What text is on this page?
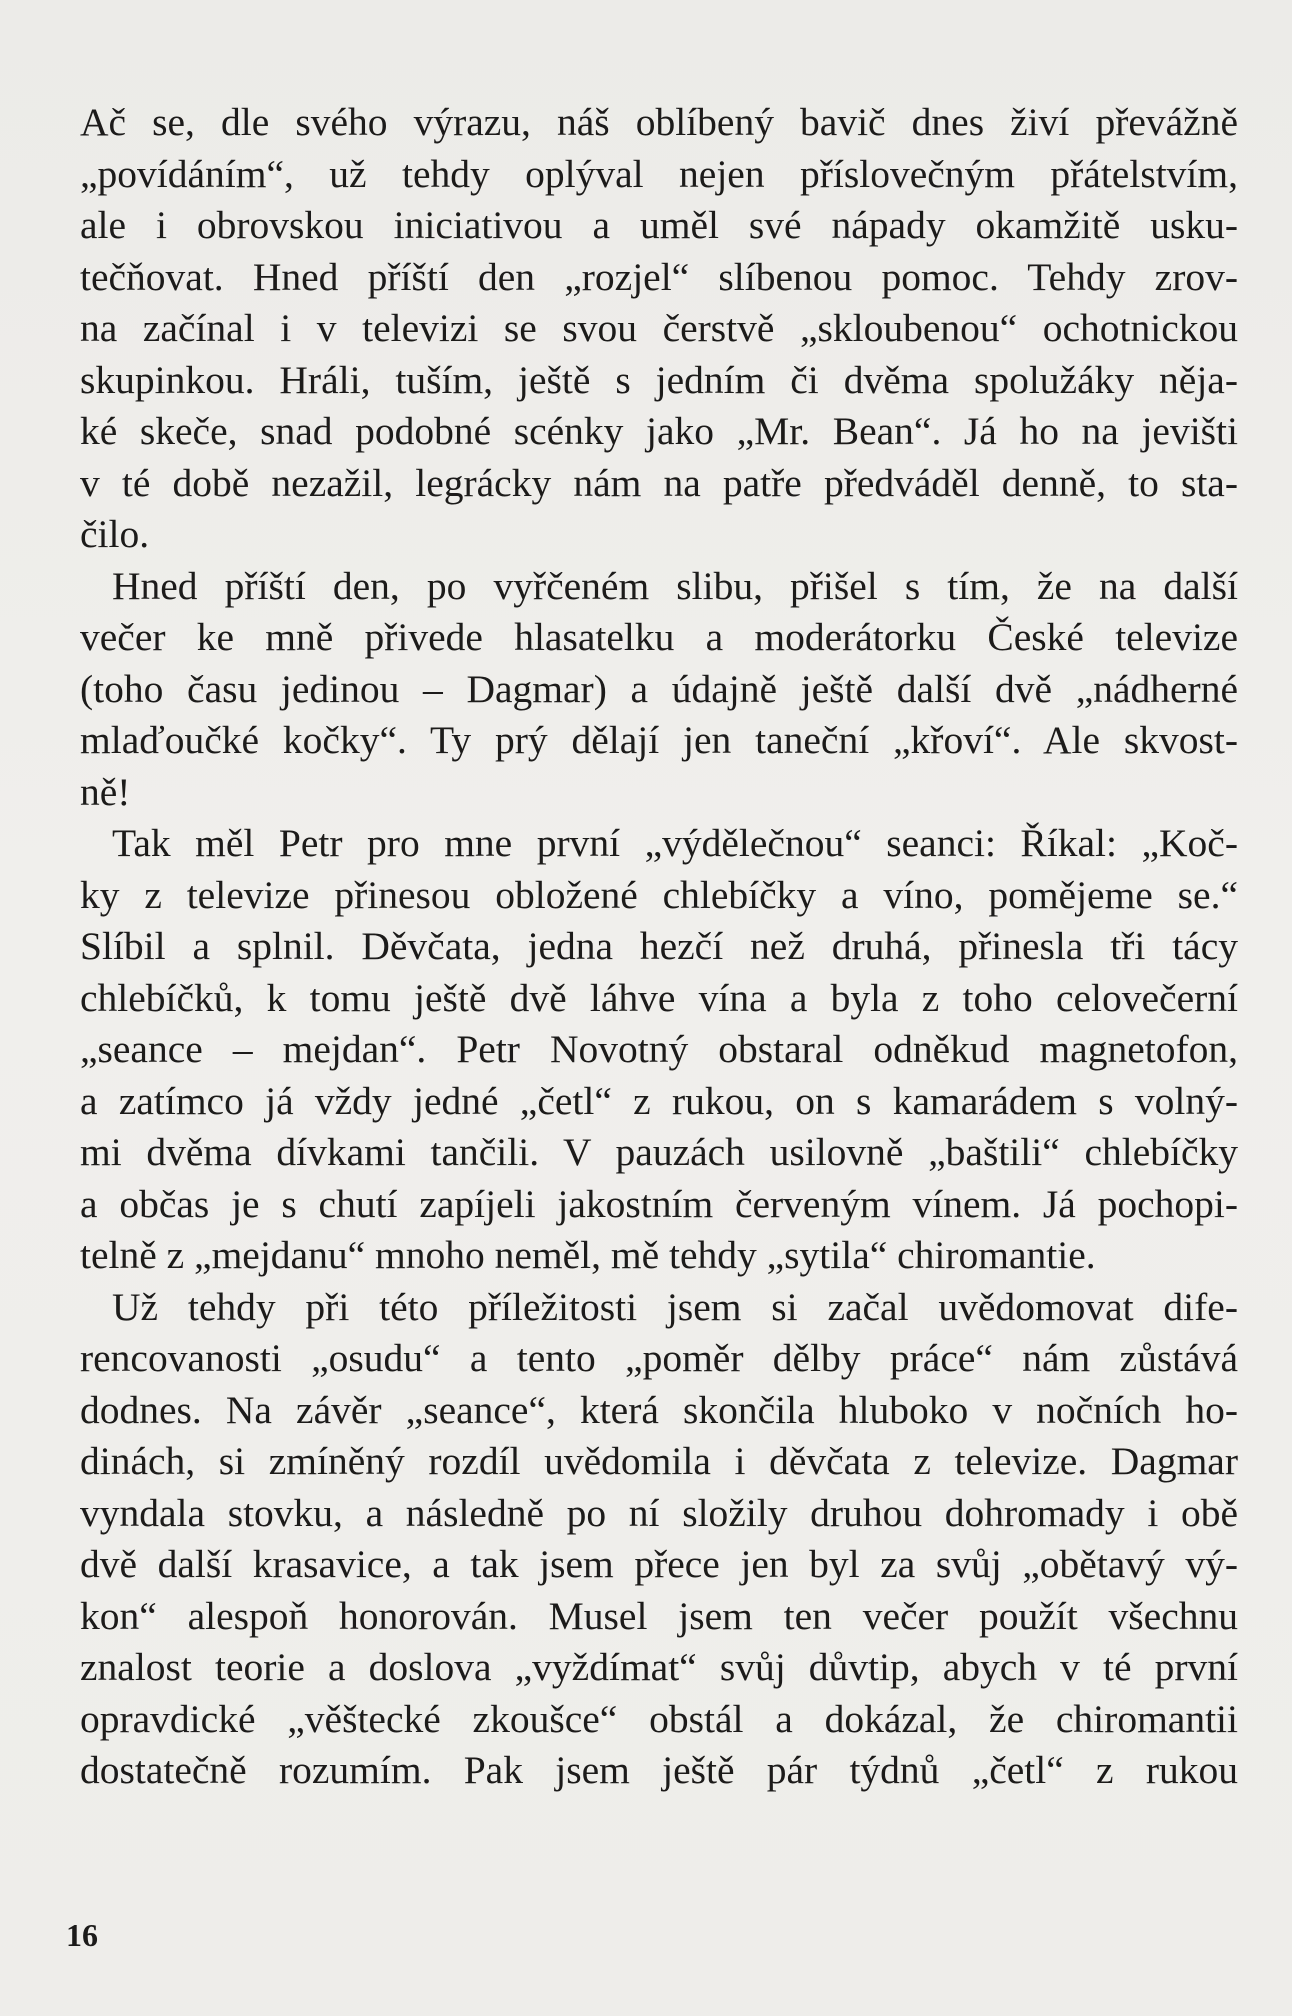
Ač se, dle svého výrazu, náš oblíbený bavič dnes živí převážně
„povídáním“, už tehdy oplýval nejen příslovečným přátelstvím,
ale i obrovskou iniciativou a uměl své nápady okamžitě usku-
tečňovat. Hned příští den „rozjel“ slíbenou pomoc. Tehdy zrov-
na začínal i v televizi se svou čerstvě „skloubenou“ ochotnickou
skupinkou. Hráli, tuším, ještě s jedním či dvěma spolužáky něja-
ké skeče, snad podobné scénky jako „Mr. Bean“. Já ho na jevišti
v té době nezažil, legrácky nám na patře předváděl denně, to sta-
čilo.
Hned příští den, po vyřčeném slibu, přišel s tím, že na další
večer ke mně přivede hlasatelku a moderátorku České televize
(toho času jedinou – Dagmar) a údajně ještě další dvě „nádherné
mlaďoučké kočky“. Ty prý dělají jen taneční „křoví“. Ale skvost-
ně!
Tak měl Petr pro mne první „výdělečnou“ seanci: Říkal: „Koč-
ky z televize přinesou obložené chlebíčky a víno, pomějeme se.“
Slíbil a splnil. Děvčata, jedna hezčí než druhá, přinesla tři tácy
chlebíčků, k tomu ještě dvě láhve vína a byla z toho celovečerní
„seance – mejdan“. Petr Novotný obstaral odněkud magnetofon,
a zatímco já vždy jedné „četl“ z rukou, on s kamarádem s volný-
mi dvěma dívkami tančili. V pauzách usilovně „baštili“ chlebíčky
a občas je s chutí zapíjeli jakostním červeným vínem. Já pochopi-
telně z „mejdanu“ mnoho neměl, mě tehdy „sytila“ chiromantie.
Už tehdy při této příležitosti jsem si začal uvědomovat dife-
rencovanosti „osudu“ a tento „poměr dělby práce“ nám zůstává
dodnes. Na závěr „seance“, která skončila hluboko v nočních ho-
dinách, si zmíněný rozdíl uvědomila i děvčata z televize. Dagmar
vyndala stovku, a následně po ní složily druhou dohromady i obě
dvě další krasavice, a tak jsem přece jen byl za svůj „obětavý vý-
kon“ alespoň honorován. Musel jsem ten večer použít všechnu
znalost teorie a doslova „vyždímat“ svůj důvtip, abych v té první
opravdické „věštecké zkoušce“ obstál a dokázal, že chiromantii
dostatečně rozumím. Pak jsem ještě pár týdnů „četl“ z rukou
16
